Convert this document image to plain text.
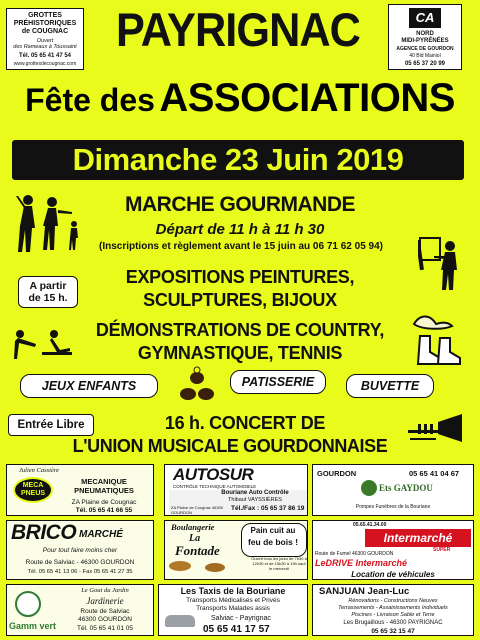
GROTTES
PRÉHISTORIQUES
de COUGNAC
Ouvert
des Rameaux à Toussaint
Tél. 05 65 41 47 54
www.grottesdecougnac.com
CA
NORD
MIDI-PYRÉNÉES
AGENCE DE GOURDON
40 Bld Mainiol
05 65 37 20 99
PAYRIGNAC
Fête des ASSOCIATIONS
Dimanche 23 Juin 2019
MARCHE GOURMANDE
Départ de 11 h à 11 h 30
(Inscriptions et règlement avant le 15 juin au 06 71 62 05 94)
A partir de 15 h.
EXPOSITIONS PEINTURES,
SCULPTURES, BIJOUX
DÉMONSTRATIONS DE COUNTRY,
GYMNASTIQUE, TENNIS
JEUX ENFANTS	PATISSERIE	BUVETTE
Entrée Libre	16 h. CONCERT DE
L'UNION MUSICALE GOURDONNAISE
Julien Cassière
MECA PNEUS
MECANIQUE
PNEUMATIQUES
ZA Plaine de Cougnac
Tél. 05 65 41 66 55
AUTOSUR
CONTRÔLE TECHNIQUE AUTOMOBILE
Bouriane Auto Contrôle
Thibaut VAYSSIÈRES
ZA Plaine de Cougnac 46300 GOURDON
Tél./Fax : 05 65 37 86 19
GOURDON	05 65 41 04 67
Ets GAYDOU
Pompes Funèbres de la Bouriane
BRICO MARCHÉ
Pour tout faire moins cher
Route de Salviac - 46300 GOURDON
Tél. 05 65 41 13 06 - Fax 05 65 41 27 35
Boulangerie
La
Fontade
Pain cuit au
feu de bois !
Ouvert tous les jours de 7h30 à 12h30 et de 15h30 à 19h sauf le mercredi
Intermarché
SUPER
05.65.41.34.00
Route de Fumel 46300 GOURDON
LeDRIVE Intermarché
Location de véhicules
Gamm vert
Le Gout du Jardin
Jardinerie
Route de Salviac
46300 GOURDON
Tél. 05 65 41 01 05
Les Taxis de la Bouriane
Transports Médicalisés et Privés
Transports Malades assis
Salviac - Payrignac
05 65 41 17 57
SANJUAN Jean-Luc
Rénovations - Constructions Neuves
Terrassements - Assainissements Individuels
Piscines - Livraison Sable et Terre
Les Brugaillous - 46300 PAYRIGNAC
05 65 32 15 47
